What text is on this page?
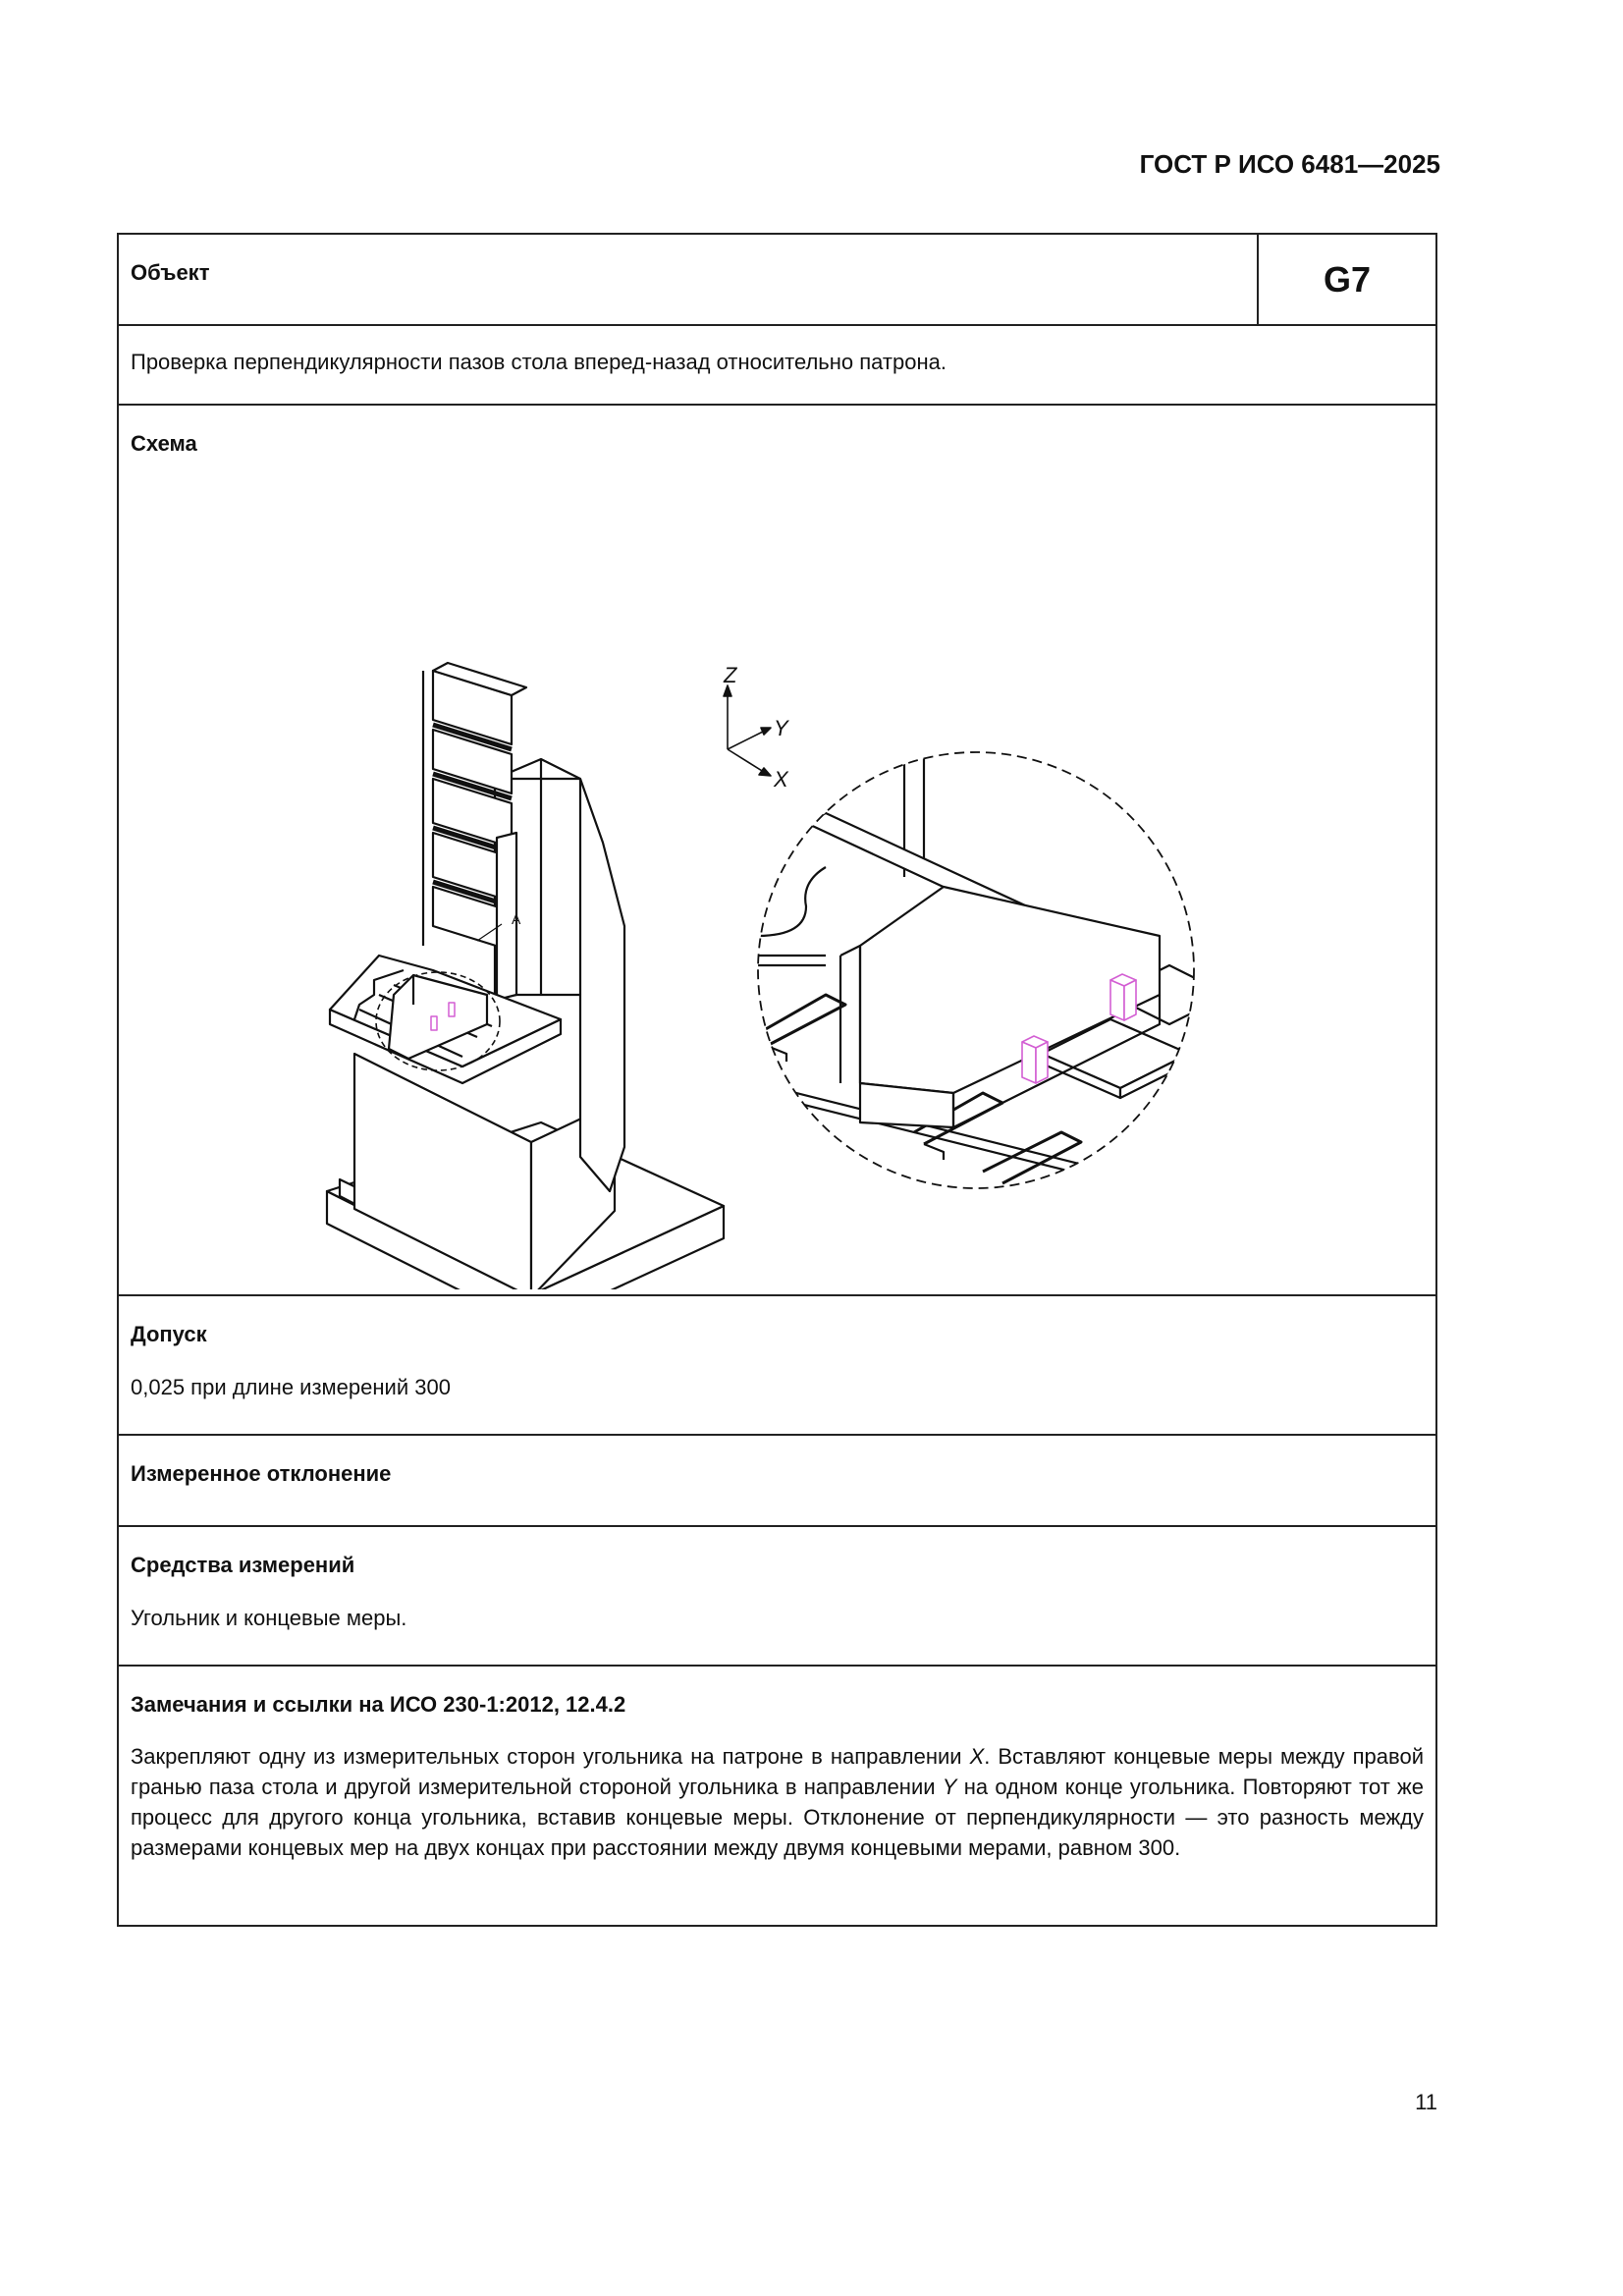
ГОСТ Р ИСО 6481—2025
Объект	G7
Проверка перпендикулярности пазов стола вперед-назад относительно патрона.
Схема
A
Z
Y
X
Допуск
0,025 при длине измерений 300
Измеренное отклонение
Средства измерений
Угольник и концевые меры.
Замечания и ссылки на ИСО 230-1:2012, 12.4.2
Закрепляют одну из измерительных сторон угольника на патроне в направлении X. Вставляют концевые меры между правой гранью паза стола и другой измерительной стороной угольника в направлении Y на одном конце угольника. Повторяют тот же процесс для другого конца угольника, вставив концевые меры. Отклонение от перпендикулярности — это разность между размерами концевых мер на двух концах при расстоянии между двумя концевыми мерами, равном 300.
11
